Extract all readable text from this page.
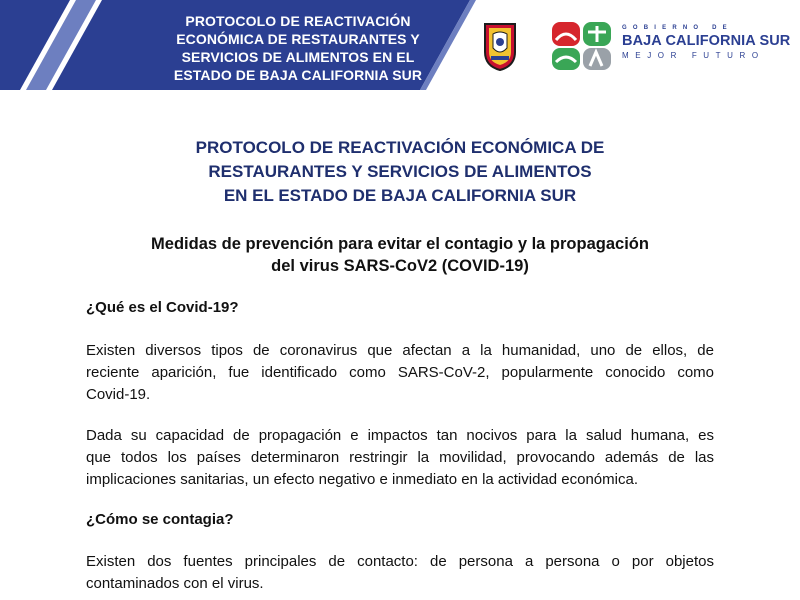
PROTOCOLO DE REACTIVACIÓN
ECONÓMICA DE RESTAURANTES Y
SERVICIOS DE ALIMENTOS EN EL
ESTADO DE BAJA CALIFORNIA SUR
GOBIERNO DE
BAJA CALIFORNIA SUR
MEJOR FUTURO
PROTOCOLO DE REACTIVACIÓN ECONÓMICA DE
RESTAURANTES Y SERVICIOS DE ALIMENTOS
EN EL ESTADO DE BAJA CALIFORNIA SUR
Medidas de prevención para evitar el contagio y la propagación
del virus SARS-CoV2 (COVID-19)
¿Qué es el Covid-19?
Existen diversos tipos de coronavirus que afectan a la humanidad, uno de ellos, de
reciente aparición, fue identificado como SARS-CoV-2, popularmente conocido como
Covid-19.
Dada su capacidad de propagación e impactos tan nocivos para la salud humana, es
que todos los países determinaron restringir la movilidad, provocando además de las
implicaciones sanitarias, un efecto negativo e inmediato en la actividad económica.
¿Cómo se contagia?
Existen dos fuentes principales de contacto: de persona a persona o por objetos
contaminados con el virus.
